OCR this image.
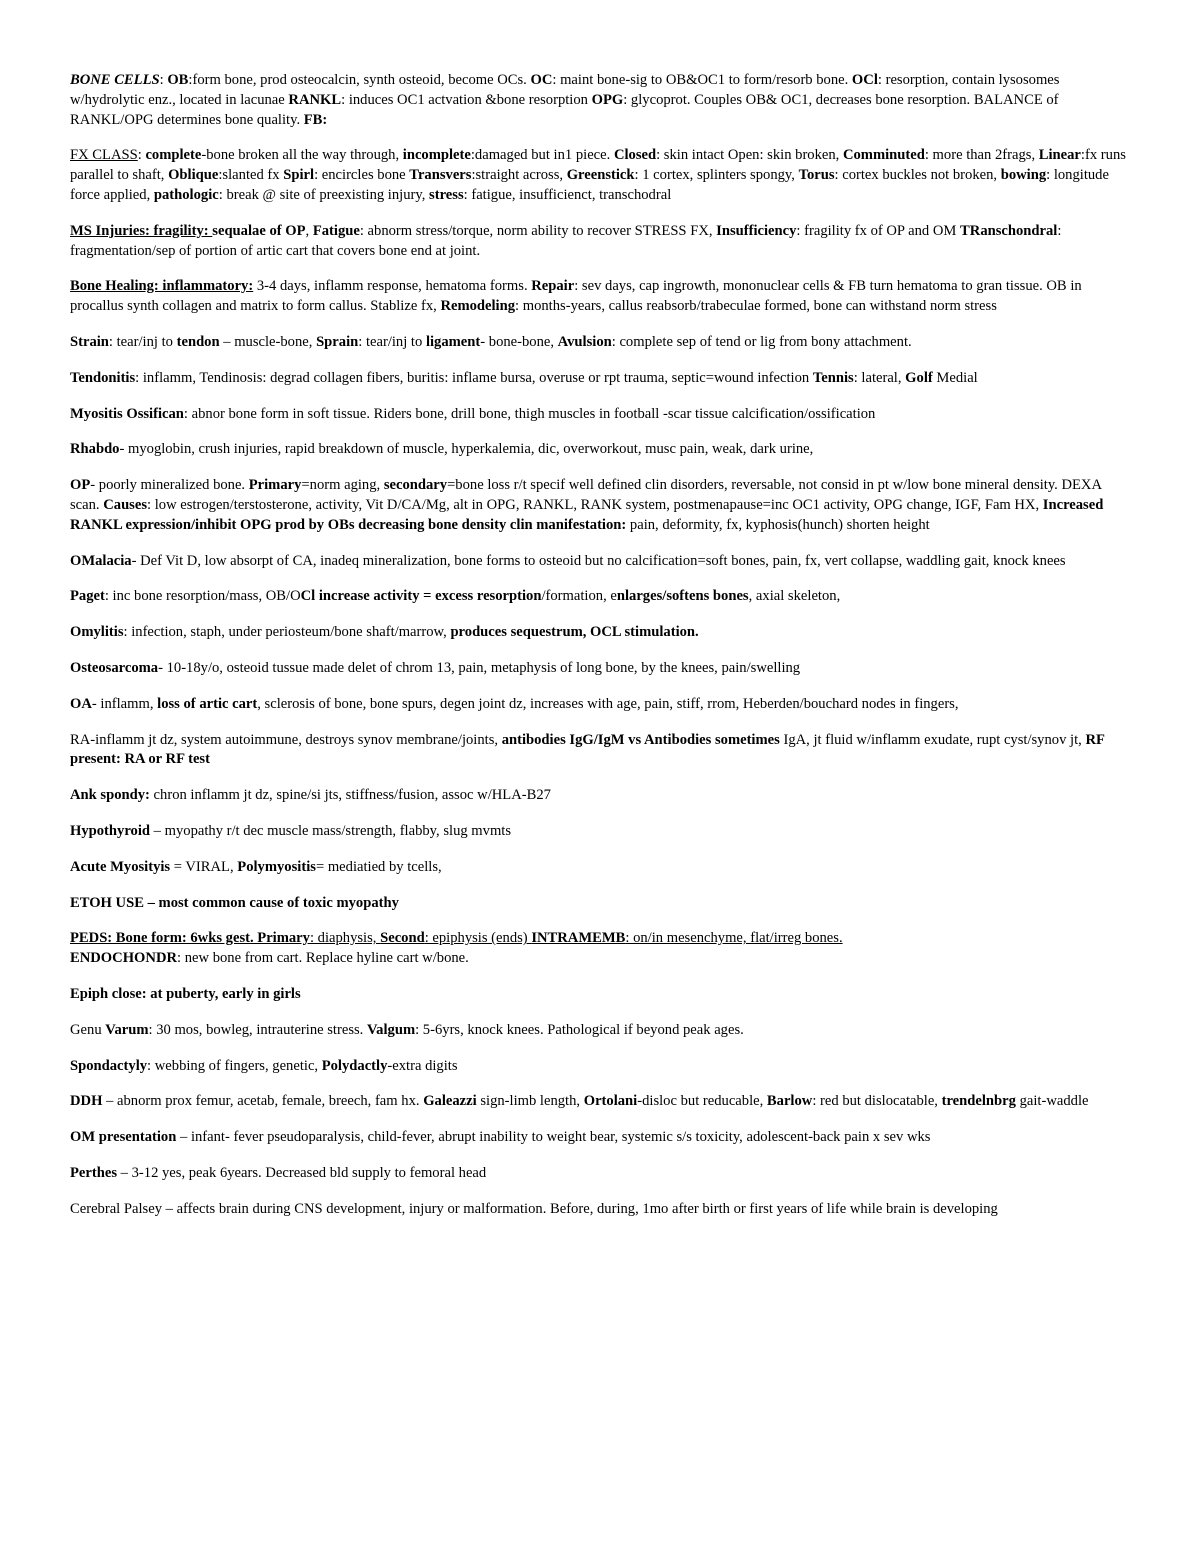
BONE CELLS: OB:form bone, prod osteocalcin, synth osteoid, become OCs. OC: maint bone-sig to OB&OC1 to form/resorb bone. OCl: resorption, contain lysosomes w/hydrolytic enz., located in lacunae RANKL: induces OC1 actvation &bone resorption OPG: glycoprot. Couples OB& OC1, decreases bone resorption. BALANCE of RANKL/OPG determines bone quality. FB:

FX CLASS: complete-bone broken all the way through, incomplete:damaged but in1 piece. Closed: skin intact Open: skin broken, Comminuted: more than 2frags, Linear:fx runs parallel to shaft, Oblique:slanted fx Spirl: encircles bone Transvers:straight across, Greenstick: 1 cortex, splinters spongy, Torus: cortex buckles not broken, bowing: longitude force applied, pathologic: break @ site of preexisting injury, stress: fatigue, insufficienct, transchodral

MS Injuries: fragility: sequalae of OP, Fatigue: abnorm stress/torque, norm ability to recover STRESS FX, Insufficiency: fragility fx of OP and OM TRanschondral: fragmentation/sep of portion of artic cart that covers bone end at joint.

Bone Healing: inflammatory: 3-4 days, inflamm response, hematoma forms. Repair: sev days, cap ingrowth, mononuclear cells & FB turn hematoma to gran tissue. OB in procallus synth collagen and matrix to form callus. Stablize fx, Remodeling: months-years, callus reabsorb/trabeculae formed, bone can withstand norm stress

Strain: tear/inj to tendon – muscle-bone, Sprain: tear/inj to ligament- bone-bone, Avulsion: complete sep of tend or lig from bony attachment.

Tendonitis: inflamm, Tendinosis: degrad collagen fibers, buritis: inflame bursa, overuse or rpt trauma, septic=wound infection Tennis: lateral, Golf Medial

Myositis Ossifican: abnor bone form in soft tissue. Riders bone, drill bone, thigh muscles in football -scar tissue calcification/ossification

Rhabdo- myoglobin, crush injuries, rapid breakdown of muscle, hyperkalemia, dic, overworkout, musc pain, weak, dark urine,

OP- poorly mineralized bone. Primary=norm aging, secondary=bone loss r/t specif well defined clin disorders, reversable, not consid in pt w/low bone mineral density. DEXA scan. Causes: low estrogen/terstosterone, activity, Vit D/CA/Mg, alt in OPG, RANKL, RANK system, postmenapause=inc OC1 activity, OPG change, IGF, Fam HX, Increased RANKL expression/inhibit OPG prod by OBs decreasing bone density clin manifestation: pain, deformity, fx, kyphosis(hunch) shorten height

OMalacia- Def Vit D, low absorpt of CA, inadeq mineralization, bone forms to osteoid but no calcification=soft bones, pain, fx, vert collapse, waddling gait, knock knees

Paget: inc bone resorption/mass, OB/OCl increase activity = excess resorption/formation, enlarges/softens bones, axial skeleton,

Omylitis: infection, staph, under periosteum/bone shaft/marrow, produces sequestrum, OCL stimulation.

Osteosarcoma- 10-18y/o, osteoid tussue made delet of chrom 13, pain, metaphysis of long bone, by the knees, pain/swelling

OA- inflamm, loss of artic cart, sclerosis of bone, bone spurs, degen joint dz, increases with age, pain, stiff, rrom, Heberden/bouchard nodes in fingers,

RA-inflamm jt dz, system autoimmune, destroys synov membrane/joints, antibodies IgG/IgM vs Antibodies sometimes IgA, jt fluid w/inflamm exudate, rupt cyst/synov jt, RF present: RA or RF test

Ank spondy: chron inflamm jt dz, spine/si jts, stiffness/fusion, assoc w/HLA-B27

Hypothyroid – myopathy r/t dec muscle mass/strength, flabby, slug mvmts

Acute Myosityis = VIRAL, Polymyositis= mediatied by tcells,

ETOH USE – most common cause of toxic myopathy

PEDS: Bone form: 6wks gest. Primary: diaphysis, Second: epiphysis (ends) INTRAMEMB: on/in mesenchyme, flat/irreg bones.

ENDOCHONDR: new bone from cart. Replace hyline cart w/bone.

Epiph close: at puberty, early in girls

Genu Varum: 30 mos, bowleg, intrauterine stress. Valgum: 5-6yrs, knock knees. Pathological if beyond peak ages.

Spondactyly: webbing of fingers, genetic, Polydactly-extra digits

DDH – abnorm prox femur, acetab, female, breech, fam hx. Galeazzi sign-limb length, Ortolani-disloc but reducable, Barlow: red but dislocatable, trendelnbrg gait-waddle

OM presentation – infant- fever pseudoparalysis, child-fever, abrupt inability to weight bear, systemic s/s toxicity, adolescent-back pain x sev wks

Perthes – 3-12 yes, peak 6years. Decreased bld supply to femoral head

Cerebral Palsey – affects brain during CNS development, injury or malformation. Before, during, 1mo after birth or first years of life while brain is developing
